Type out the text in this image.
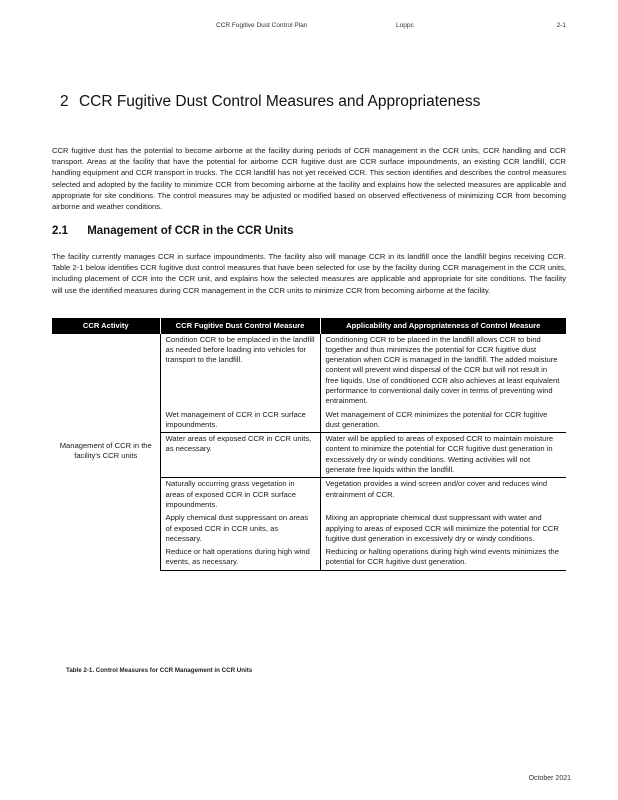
CCR Fugitive Dust Control Plan	Loppc	2-1
2 CCR Fugitive Dust Control Measures and Appropriateness
CCR fugitive dust has the potential to become airborne at the facility during periods of CCR management in the CCR units, CCR handling and CCR transport. Areas at the facility that have the potential for airborne CCR fugitive dust are CCR surface impoundments, an existing CCR landfill, CCR handling equipment and CCR transport in trucks. The CCR landfill has not yet received CCR. This section identifies and describes the control measures selected and adopted by the facility to minimize CCR from becoming airborne at the facility and explains how the selected measures are applicable and appropriate for site conditions. The control measures may be adjusted or modified based on observed effectiveness of minimizing CCR from becoming airborne and weather conditions.
2.1 Management of CCR in the CCR Units
The facility currently manages CCR in surface impoundments. The facility also will manage CCR in its landfill once the landfill begins receiving CCR. Table 2-1 below identifies CCR fugitive dust control measures that have been selected for use by the facility during CCR management in the CCR units, including placement of CCR into the CCR unit, and explains how the selected measures are applicable and appropriate for site conditions. The facility will use the identified measures during CCR management in the CCR units to minimize CCR from becoming airborne at the facility.
CCR Activity	CCR Fugitive Dust Control Measure	Applicability and Appropriateness of Control Measure
Management of CCR in the facility's CCR units	Condition CCR to be emplaced in the landfill as needed before loading into vehicles for transport to the landfill.	Conditioning CCR to be placed in the landfill allows CCR to bind together and thus minimizes the potential for CCR fugitive dust generation when CCR is managed in the landfill. The added moisture content will prevent wind dispersal of the CCR but will not result in free liquids. Use of conditioned CCR also achieves at least equivalent performance to conventional daily cover in terms of preventing wind entrainment.
	Wet management of CCR in CCR surface impoundments.	Wet management of CCR minimizes the potential for CCR fugitive dust generation.
	Water areas of exposed CCR in CCR units, as necessary.	Water will be applied to areas of exposed CCR to maintain moisture content to minimize the potential for CCR fugitive dust generation in excessively dry or windy conditions. Wetting activities will not generate free liquids within the landfill.
	Naturally occurring grass vegetation in areas of exposed CCR in CCR surface impoundments.	Vegetation provides a wind screen and/or cover and reduces wind entrainment of CCR.
	Apply chemical dust suppressant on areas of exposed CCR in CCR units, as necessary.	Mixing an appropriate chemical dust suppressant with water and applying to areas of exposed CCR will minimize the potential for CCR fugitive dust generation in excessively dry or windy conditions.
	Reduce or halt operations during high wind events, as necessary.	Reducing or halting operations during high wind events minimizes the potential for CCR fugitive dust generation.
Table 2-1. Control Measures for CCR Management in CCR Units
October 2021
